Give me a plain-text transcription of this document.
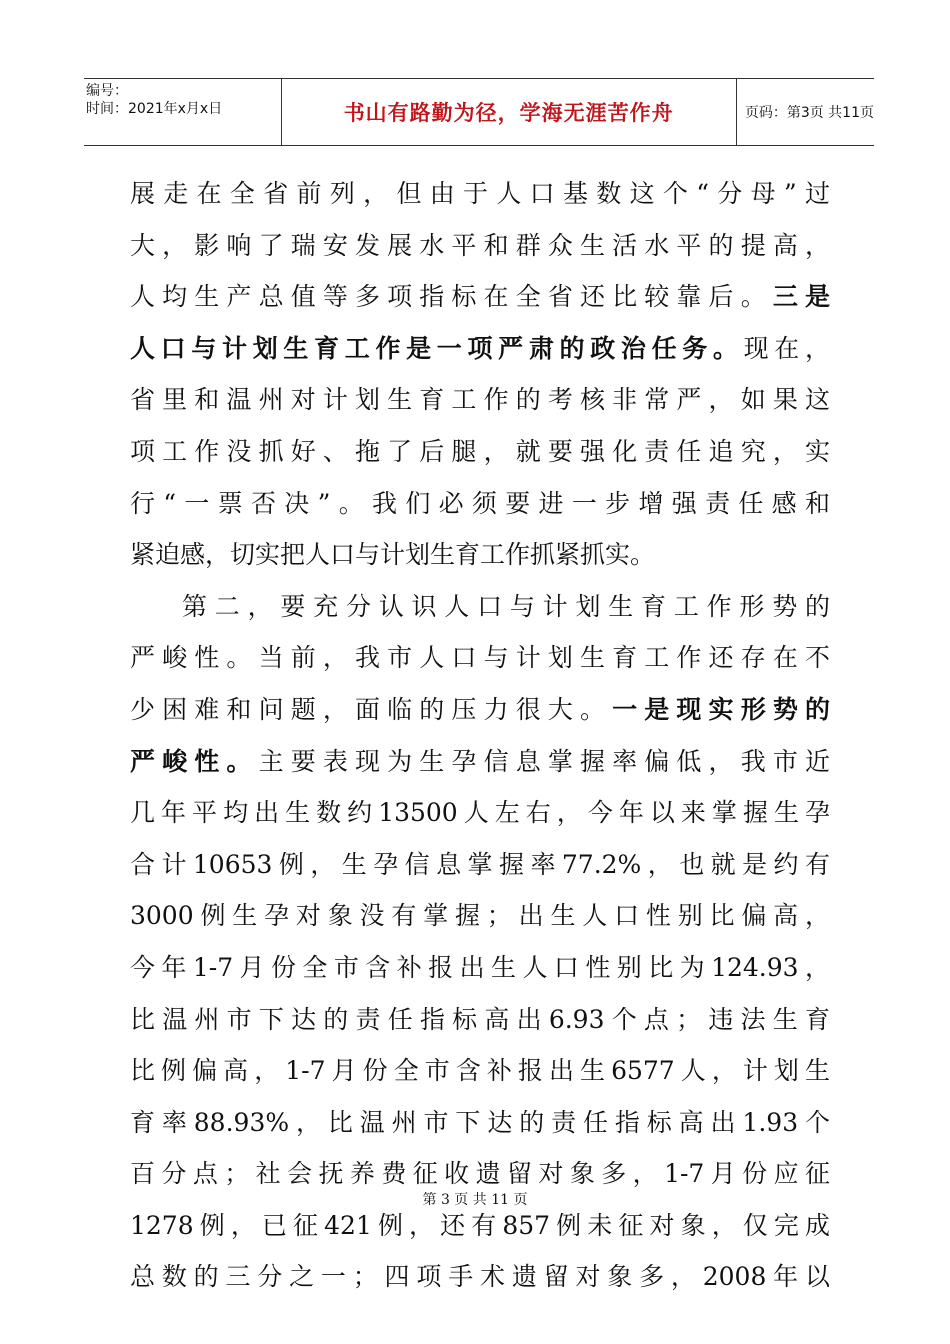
编号：
时间：2021年x月x日	书山有路勤为径，学海无涯苦作舟	页码：第3页 共11页
展走在全省前列，但由于人口基数这个“分母”过
大，影响了瑞安发展水平和群众生活水平的提高，
人均生产总值等多项指标在全省还比较靠后。三是
人口与计划生育工作是一项严肃的政治任务。现在，
省里和温州对计划生育工作的考核非常严，如果这
项工作没抓好、拖了后腿，就要强化责任追究，实
行“一票否决”。我们必须要进一步增强责任感和
紧迫感，切实把人口与计划生育工作抓紧抓实。
第二，要充分认识人口与计划生育工作形势的
严峻性。当前，我市人口与计划生育工作还存在不
少困难和问题，面临的压力很大。一是现实形势的
严峻性。主要表现为生孕信息掌握率偏低，我市近
几年平均出生数约13500人左右，今年以来掌握生孕
合计10653例，生孕信息掌握率77.2%，也就是约有
3000例生孕对象没有掌握；出生人口性别比偏高，
今年1-7月份全市含补报出生人口性别比为124.93，
比温州市下达的责任指标高出6.93个点；违法生育
比例偏高，1-7月份全市含补报出生6577人，计划生
育率88.93%，比温州市下达的责任指标高出1.93个
百分点；社会抚养费征收遗留对象多，1-7月份应征
1278例，已征421例，还有857例未征对象，仅完成
总数的三分之一；四项手术遗留对象多，2008年以
第 3 页 共 11 页
